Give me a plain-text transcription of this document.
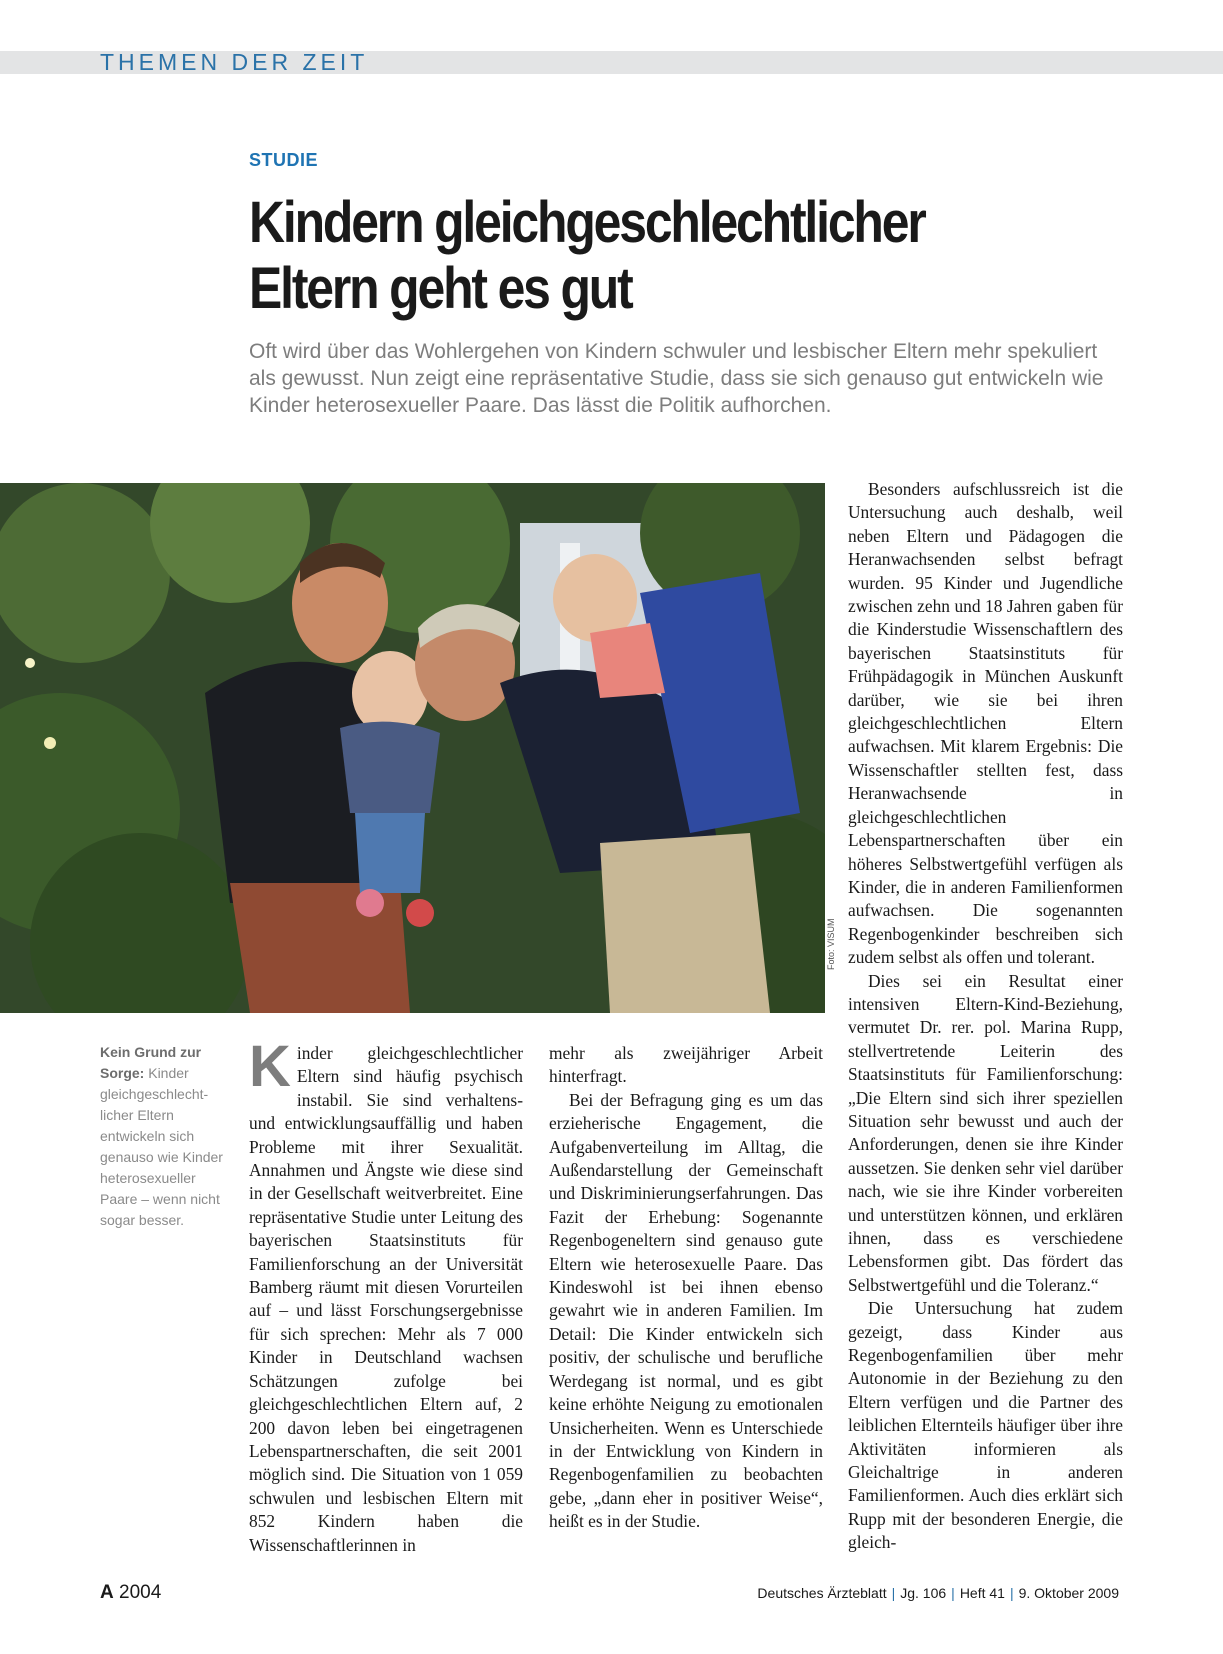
THEMEN DER ZEIT
STUDIE
Kindern gleichgeschlechtlicher
Eltern geht es gut
Oft wird über das Wohlergehen von Kindern schwuler und lesbischer Eltern mehr spekuliert als gewusst. Nun zeigt eine repräsentative Studie, dass sie sich genauso gut entwickeln wie Kinder heterosexueller Paare. Das lässt die Politik aufhorchen.
Foto: VISUM
Kein Grund zur Sorge: Kinder gleichgeschlecht-licher Eltern entwickeln sich genauso wie Kinder heterosexueller Paare – wenn nicht sogar besser.

Kinder gleichgeschlechtlicher Eltern sind häufig psychisch instabil. Sie sind verhaltens- und entwicklungsauffällig und haben Probleme mit ihrer Sexualität. Annahmen und Ängste wie diese sind in der Gesellschaft weitverbreitet. Eine repräsentative Studie unter Leitung des bayerischen Staatsinstituts für Familienforschung an der Universität Bamberg räumt mit diesen Vorurteilen auf – und lässt Forschungsergebnisse für sich sprechen: Mehr als 7 000 Kinder in Deutschland wachsen Schätzungen zufolge bei gleichgeschlechtlichen Eltern auf, 2 200 davon leben bei eingetragenen Lebenspartnerschaften, die seit 2001 möglich sind. Die Situation von 1 059 schwulen und lesbischen Eltern mit 852 Kindern haben die Wissenschaftlerinnen in

mehr als zweijähriger Arbeit hinterfragt.

Bei der Befragung ging es um das erzieherische Engagement, die Aufgabenverteilung im Alltag, die Außendarstellung der Gemeinschaft und Diskriminierungserfahrungen. Das Fazit der Erhebung: Sogenannte Regenbogeneltern sind genauso gute Eltern wie heterosexuelle Paare. Das Kindeswohl ist bei ihnen ebenso gewahrt wie in anderen Familien. Im Detail: Die Kinder entwickeln sich positiv, der schulische und berufliche Werdegang ist normal, und es gibt keine erhöhte Neigung zu emotionalen Unsicherheiten. Wenn es Unterschiede in der Entwicklung von Kindern in Regenbogenfamilien zu beobachten gebe, „dann eher in positiver Weise“, heißt es in der Studie.

Besonders aufschlussreich ist die Untersuchung auch deshalb, weil neben Eltern und Pädagogen die Heranwachsenden selbst befragt wurden. 95 Kinder und Jugendliche zwischen zehn und 18 Jahren gaben für die Kinderstudie Wissenschaftlern des bayerischen Staatsinstituts für Frühpädagogik in München Auskunft darüber, wie sie bei ihren gleichgeschlechtlichen Eltern aufwachsen. Mit klarem Ergebnis: Die Wissenschaftler stellten fest, dass Heranwachsende in gleichgeschlechtlichen Lebenspartnerschaften über ein höheres Selbstwertgefühl verfügen als Kinder, die in anderen Familienformen aufwachsen. Die sogenannten Regenbogenkinder beschreiben sich zudem selbst als offen und tolerant.

Dies sei ein Resultat einer intensiven Eltern-Kind-Beziehung, vermutet Dr. rer. pol. Marina Rupp, stellvertretende Leiterin des Staatsinstituts für Familienforschung: „Die Eltern sind sich ihrer speziellen Situation sehr bewusst und auch der Anforderungen, denen sie ihre Kinder aussetzen. Sie denken sehr viel darüber nach, wie sie ihre Kinder vorbereiten und unterstützen können, und erklären ihnen, dass es verschiedene Lebensformen gibt. Das fördert das Selbstwertgefühl und die Toleranz.“

Die Untersuchung hat zudem gezeigt, dass Kinder aus Regenbogenfamilien über mehr Autonomie in der Beziehung zu den Eltern verfügen und die Partner des leiblichen Elternteils häufiger über ihre Aktivitäten informieren als Gleichaltrige in anderen Familienformen. Auch dies erklärt sich Rupp mit der besonderen Energie, die gleich-

A 2004	Deutsches Ärzteblatt | Jg. 106 | Heft 41 | 9. Oktober 2009
